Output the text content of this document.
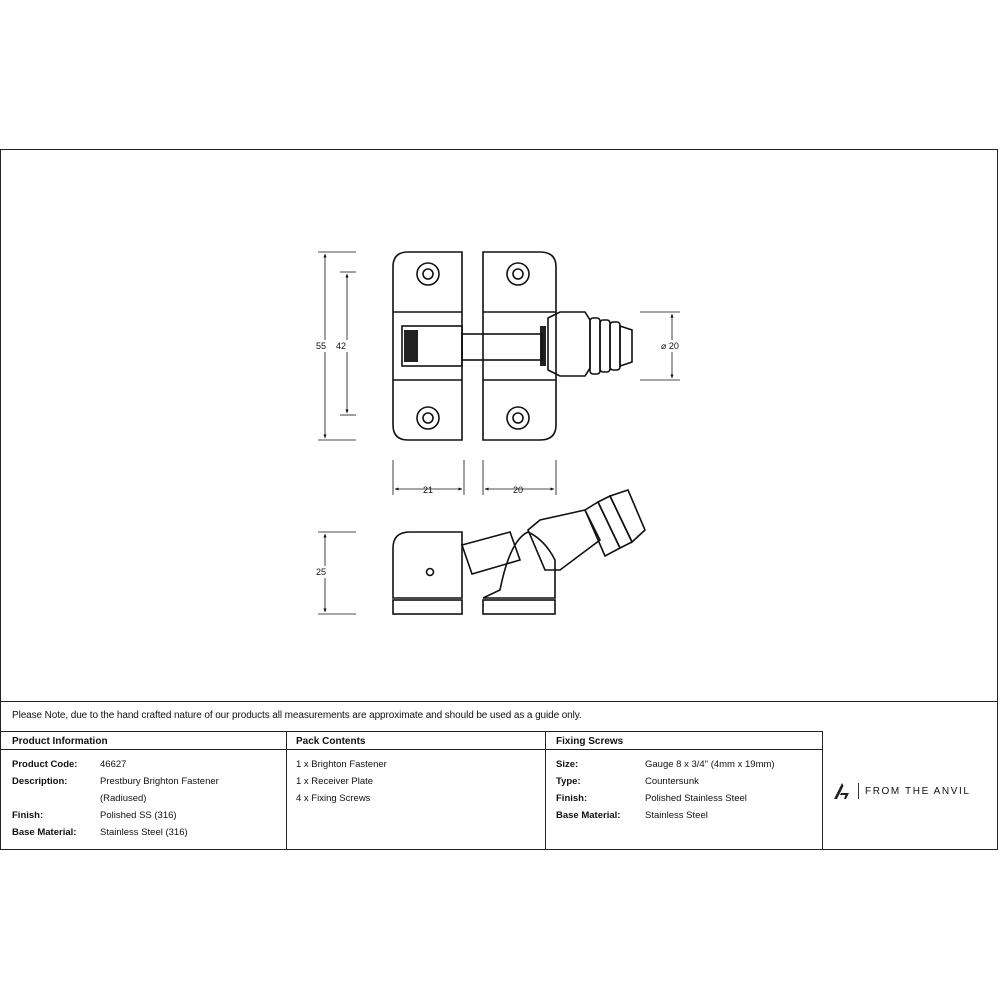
55 42	⌀ 20
21	20
25
Please Note, due to the hand crafted nature of our products all measurements are approximate and should be used as a guide only.
Product Information	Pack Contents	Fixing Screws
Product Code: 46627
Description:	Prestbury Brighton Fastener
(Radiused)
Finish:	Polished SS (316)
Base Material: Stainless Steel (316)
1 x Brighton Fastener
1 x Receiver Plate
4 x Fixing Screws
Size:	Gauge 8 x 3/4" (4mm x 19mm)
Type:	Countersunk
Finish:	Polished Stainless Steel
Base Material:	Stainless Steel
FROM THE ANVIL
